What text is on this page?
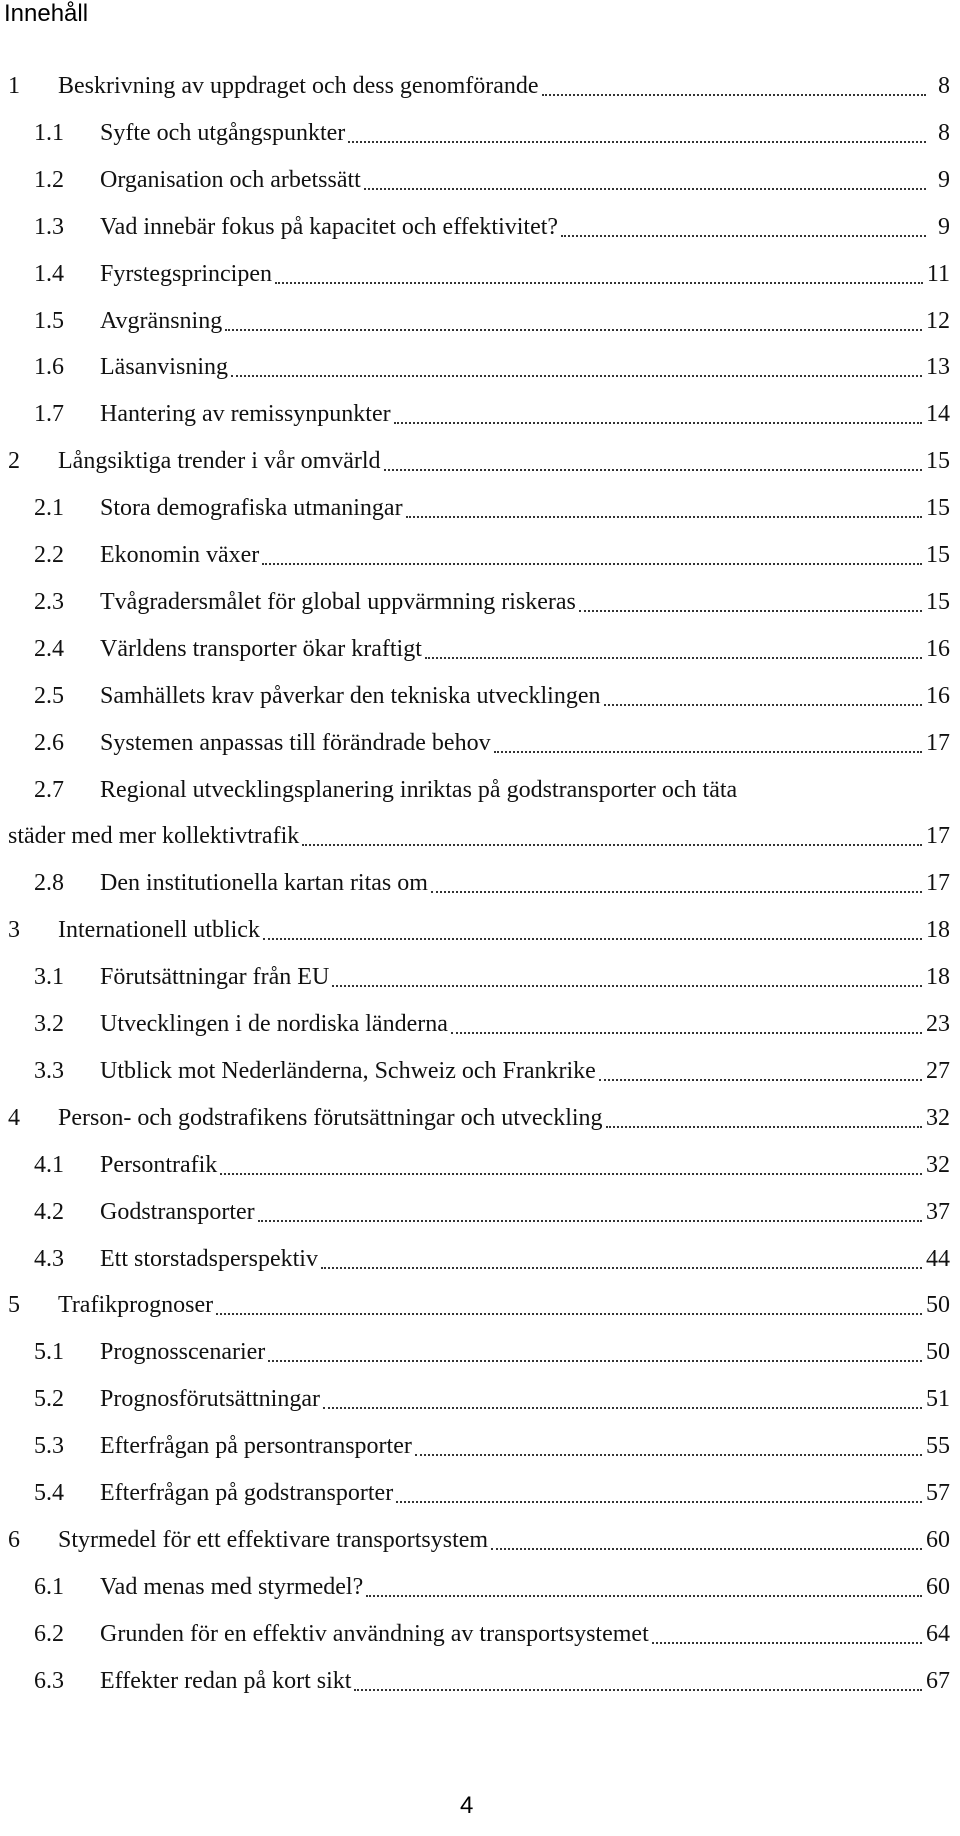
Innehåll
1 Beskrivning av uppdraget och dess genomförande	8
1.1 Syfte och utgångspunkter	8
1.2 Organisation och arbetssätt	9
1.3 Vad innebär fokus på kapacitet och effektivitet?	9
1.4 Fyrstegsprincipen	11
1.5 Avgränsning	12
1.6 Läsanvisning	13
1.7 Hantering av remissynpunkter	14
2 Långsiktiga trender i vår omvärld	15
2.1 Stora demografiska utmaningar	15
2.2 Ekonomin växer	15
2.3 Tvågradersmålet för global uppvärmning riskeras	15
2.4 Världens transporter ökar kraftigt	16
2.5 Samhällets krav påverkar den tekniska utvecklingen	16
2.6 Systemen anpassas till förändrade behov	17
2.7 Regional utvecklingsplanering inriktas på godstransporter och täta
städer med mer kollektivtrafik	17
2.8 Den institutionella kartan ritas om	17
3 Internationell utblick	18
3.1 Förutsättningar från EU	18
3.2 Utvecklingen i de nordiska länderna	23
3.3 Utblick mot Nederländerna, Schweiz och Frankrike	27
4 Person- och godstrafikens förutsättningar och utveckling	32
4.1 Persontrafik	32
4.2 Godstransporter	37
4.3 Ett storstadsperspektiv	44
5 Trafikprognoser	50
5.1 Prognosscenarier	50
5.2 Prognosförutsättningar	51
5.3 Efterfrågan på persontransporter	55
5.4 Efterfrågan på godstransporter	57
6 Styrmedel för ett effektivare transportsystem	60
6.1 Vad menas med styrmedel?	60
6.2 Grunden för en effektiv användning av transportsystemet	64
6.3 Effekter redan på kort sikt	67
4
